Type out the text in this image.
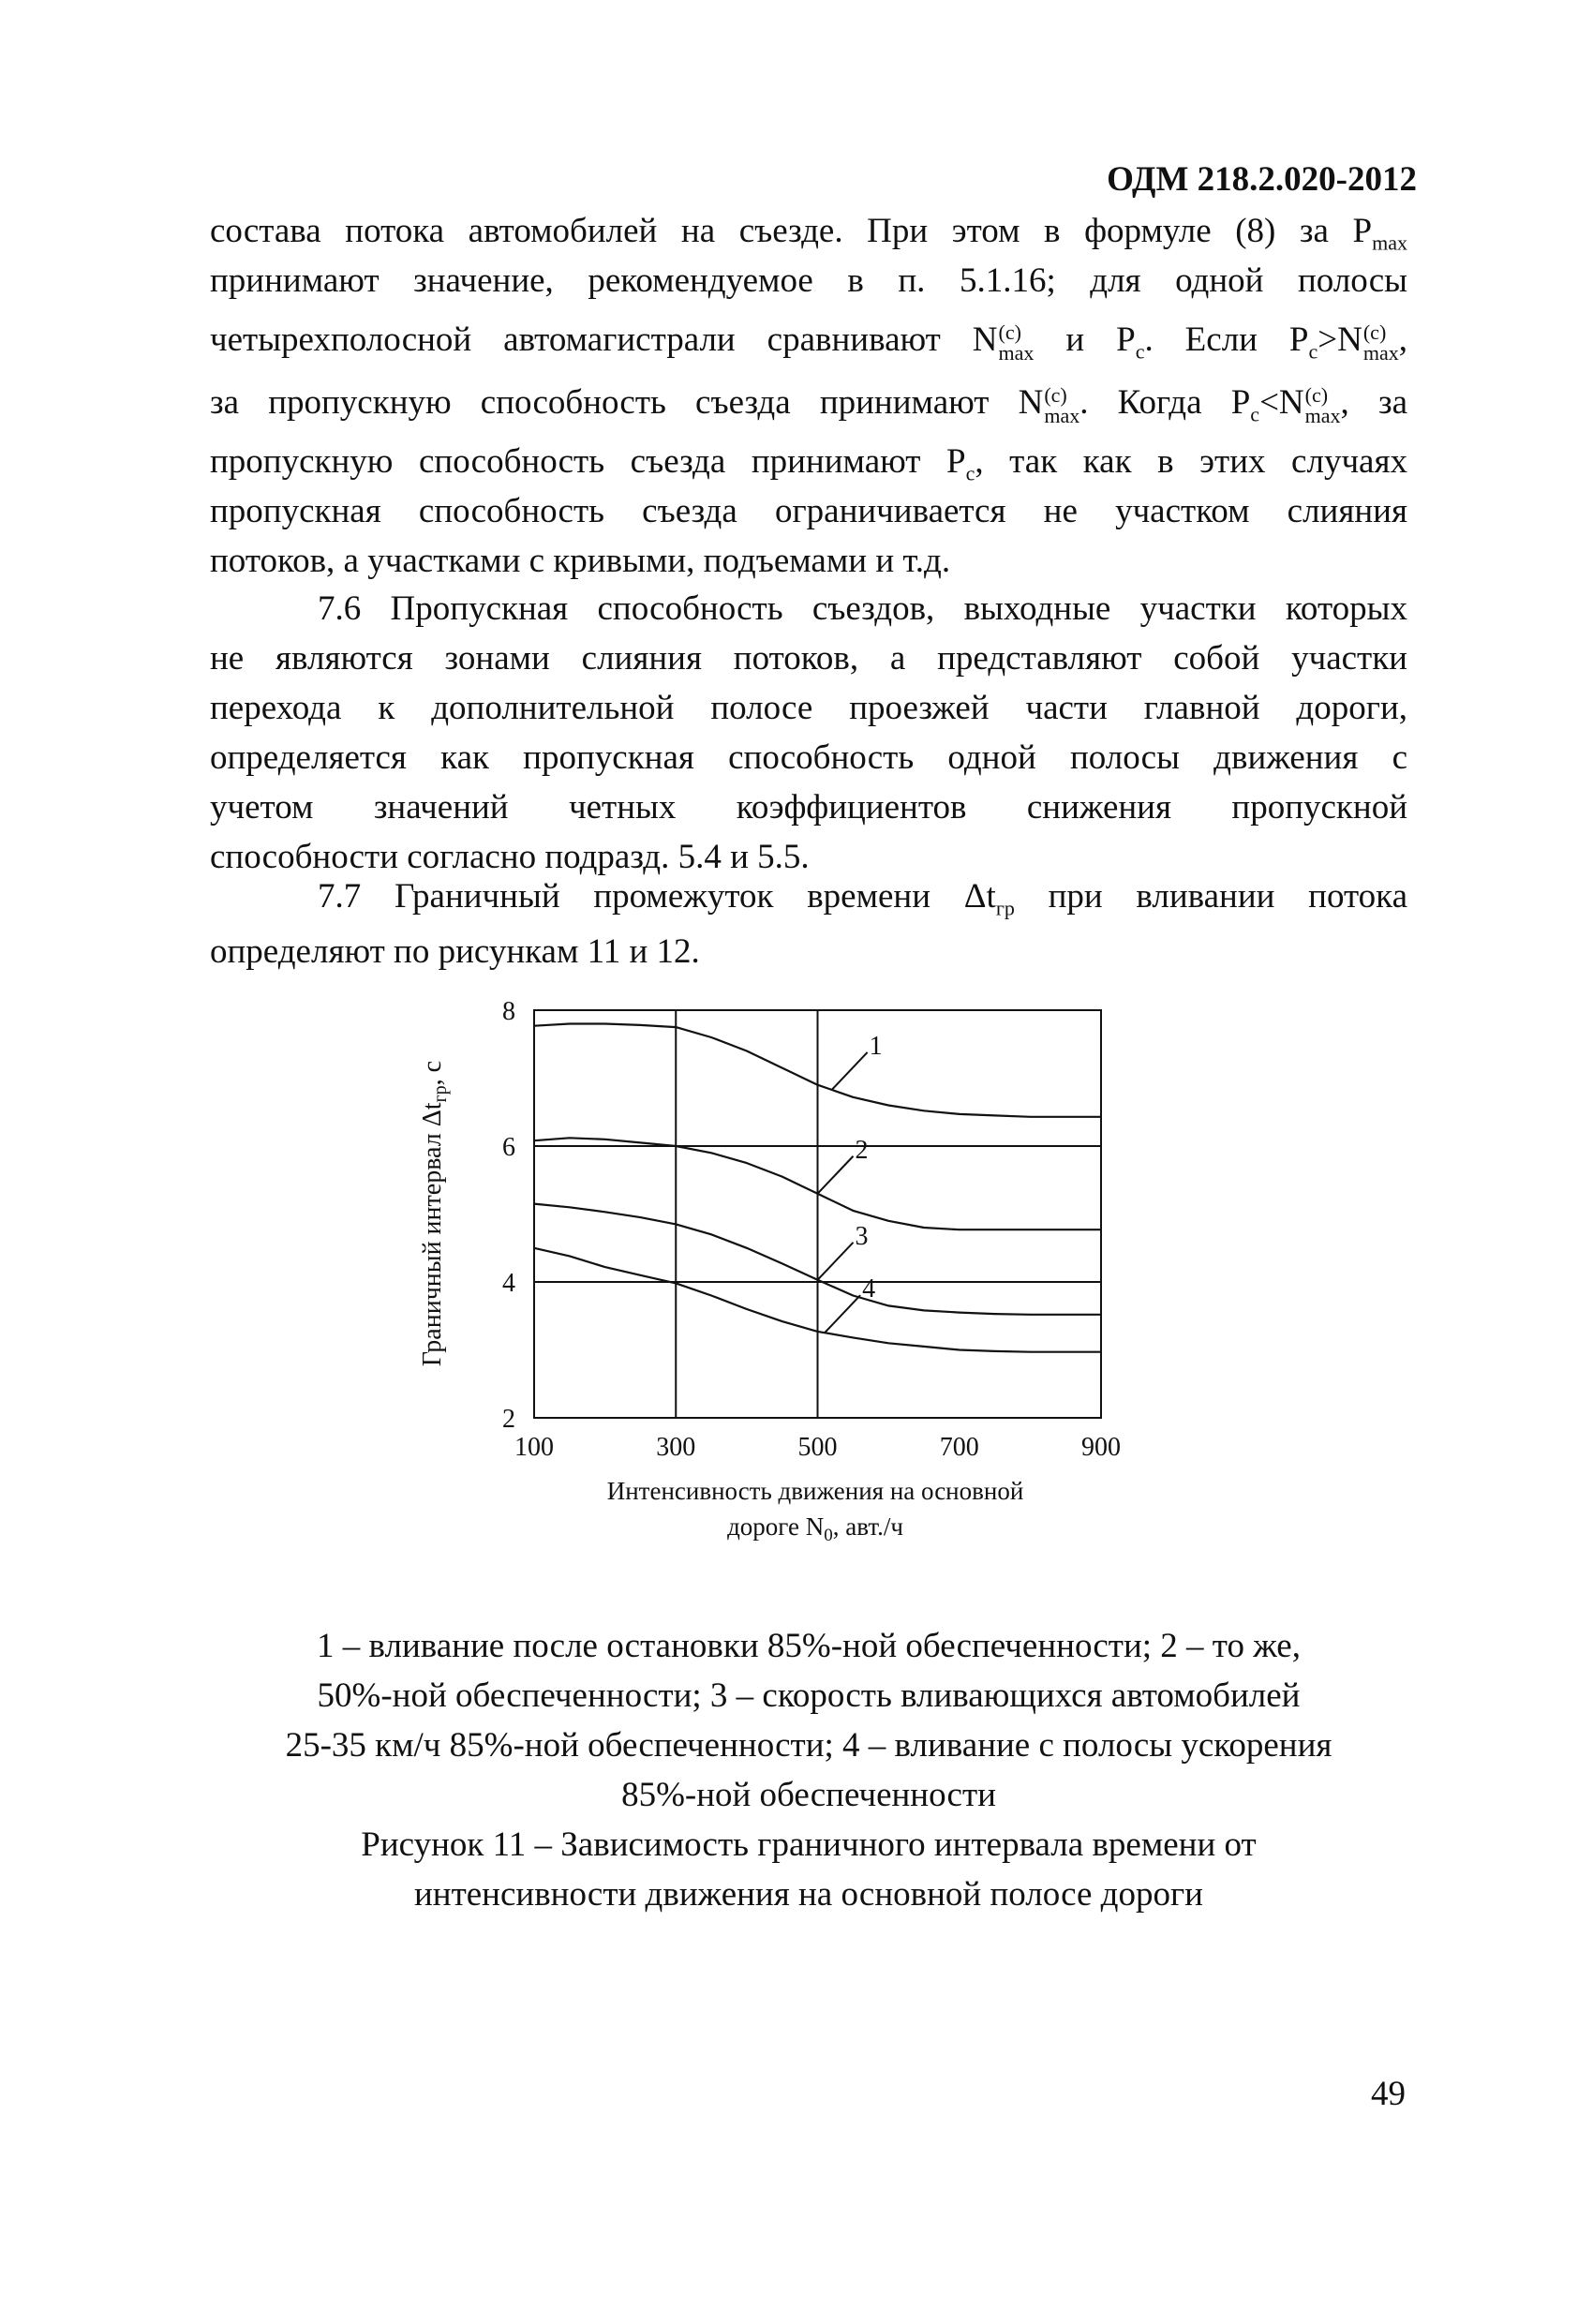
ОДМ 218.2.020-2012
состава потока автомобилей на съезде. При этом в формуле (8) за $P_{max}$
принимают значение, рекомендуемое в п. 5.1.16; для одной полосы
четырехполосной автомагистрали сравнивают N (c)
max и $P_c$. Если $P_c>N$ (c)
max ,
за пропускную способность съезда принимают N (c)
max . Когда $P_c<N$ (c)
max , за
пропускную способность съезда принимают $P_c$, так как в этих случаях
пропускная способность съезда ограничивается не участком слияния
потоков, а участками с кривыми, подъемами и т.д.
7.6 Пропускная способность съездов, выходные участки которых
не являются зонами слияния потоков, а представляют собой участки
перехода к дополнительной полосе проезжей части главной дороги,
определяется как пропускная способность одной полосы движения с
учетом значений четных коэффициентов снижения пропускной
способности согласно подразд. 5.4 и 5.5.
7.7 Граничный промежуток времени $\Delta t_{гр}$ при вливании потока
определяют по рисункам 11 и 12.
100	300	500	700	900
2
4
6
8
1
2
3
4
Граничный интервал $\Delta t_{гр}$, с
Интенсивность движения на основной
дороге $N_0$, авт./ч
1 – вливание после остановки 85%-ной обеспеченности; 2 – то же,
50%-ной обеспеченности; 3 – скорость вливающихся автомобилей
25-35 км/ч 85%-ной обеспеченности; 4 – вливание с полосы ускорения
85%-ной обеспеченности
Рисунок 11 – Зависимость граничного интервала времени от
интенсивности движения на основной полосе дороги
49
